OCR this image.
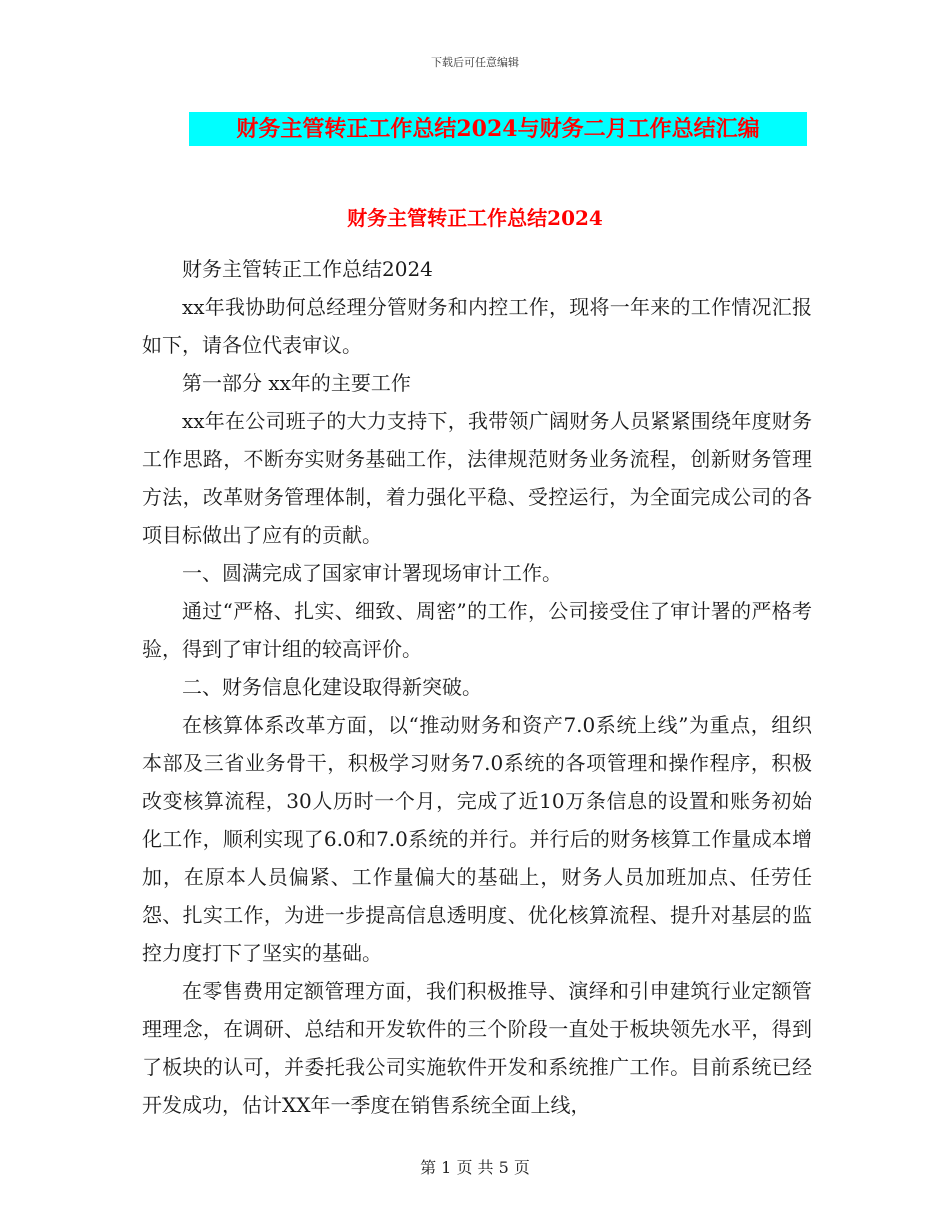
下载后可任意编辑
财务主管转正工作总结2024与财务二月工作总结汇编
财务主管转正工作总结2024

财务主管转正工作总结2024

xx年我协助何总经理分管财务和内控工作，现将一年来的工作情况汇报如下，请各位代表审议。

第一部分 xx年的主要工作

xx年在公司班子的大力支持下，我带领广阔财务人员紧紧围绕年度财务工作思路，不断夯实财务基础工作，法律规范财务业务流程，创新财务管理方法，改革财务管理体制，着力强化平稳、受控运行，为全面完成公司的各项目标做出了应有的贡献。

一、圆满完成了国家审计署现场审计工作。

通过“严格、扎实、细致、周密”的工作，公司接受住了审计署的严格考验，得到了审计组的较高评价。

二、财务信息化建设取得新突破。

在核算体系改革方面，以“推动财务和资产7.0系统上线”为重点，组织本部及三省业务骨干，积极学习财务7.0系统的各项管理和操作程序，积极改变核算流程，30人历时一个月，完成了近10万条信息的设置和账务初始化工作，顺利实现了6.0和7.0系统的并行。并行后的财务核算工作量成本增加，在原本人员偏紧、工作量偏大的基础上，财务人员加班加点、任劳任怨、扎实工作，为进一步提高信息透明度、优化核算流程、提升对基层的监控力度打下了坚实的基础。

在零售费用定额管理方面，我们积极推导、演绎和引申建筑行业定额管理理念，在调研、总结和开发软件的三个阶段一直处于板块领先水平，得到了板块的认可，并委托我公司实施软件开发和系统推广工作。目前系统已经开发成功，估计XX年一季度在销售系统全面上线，

第 1 页 共 5 页
